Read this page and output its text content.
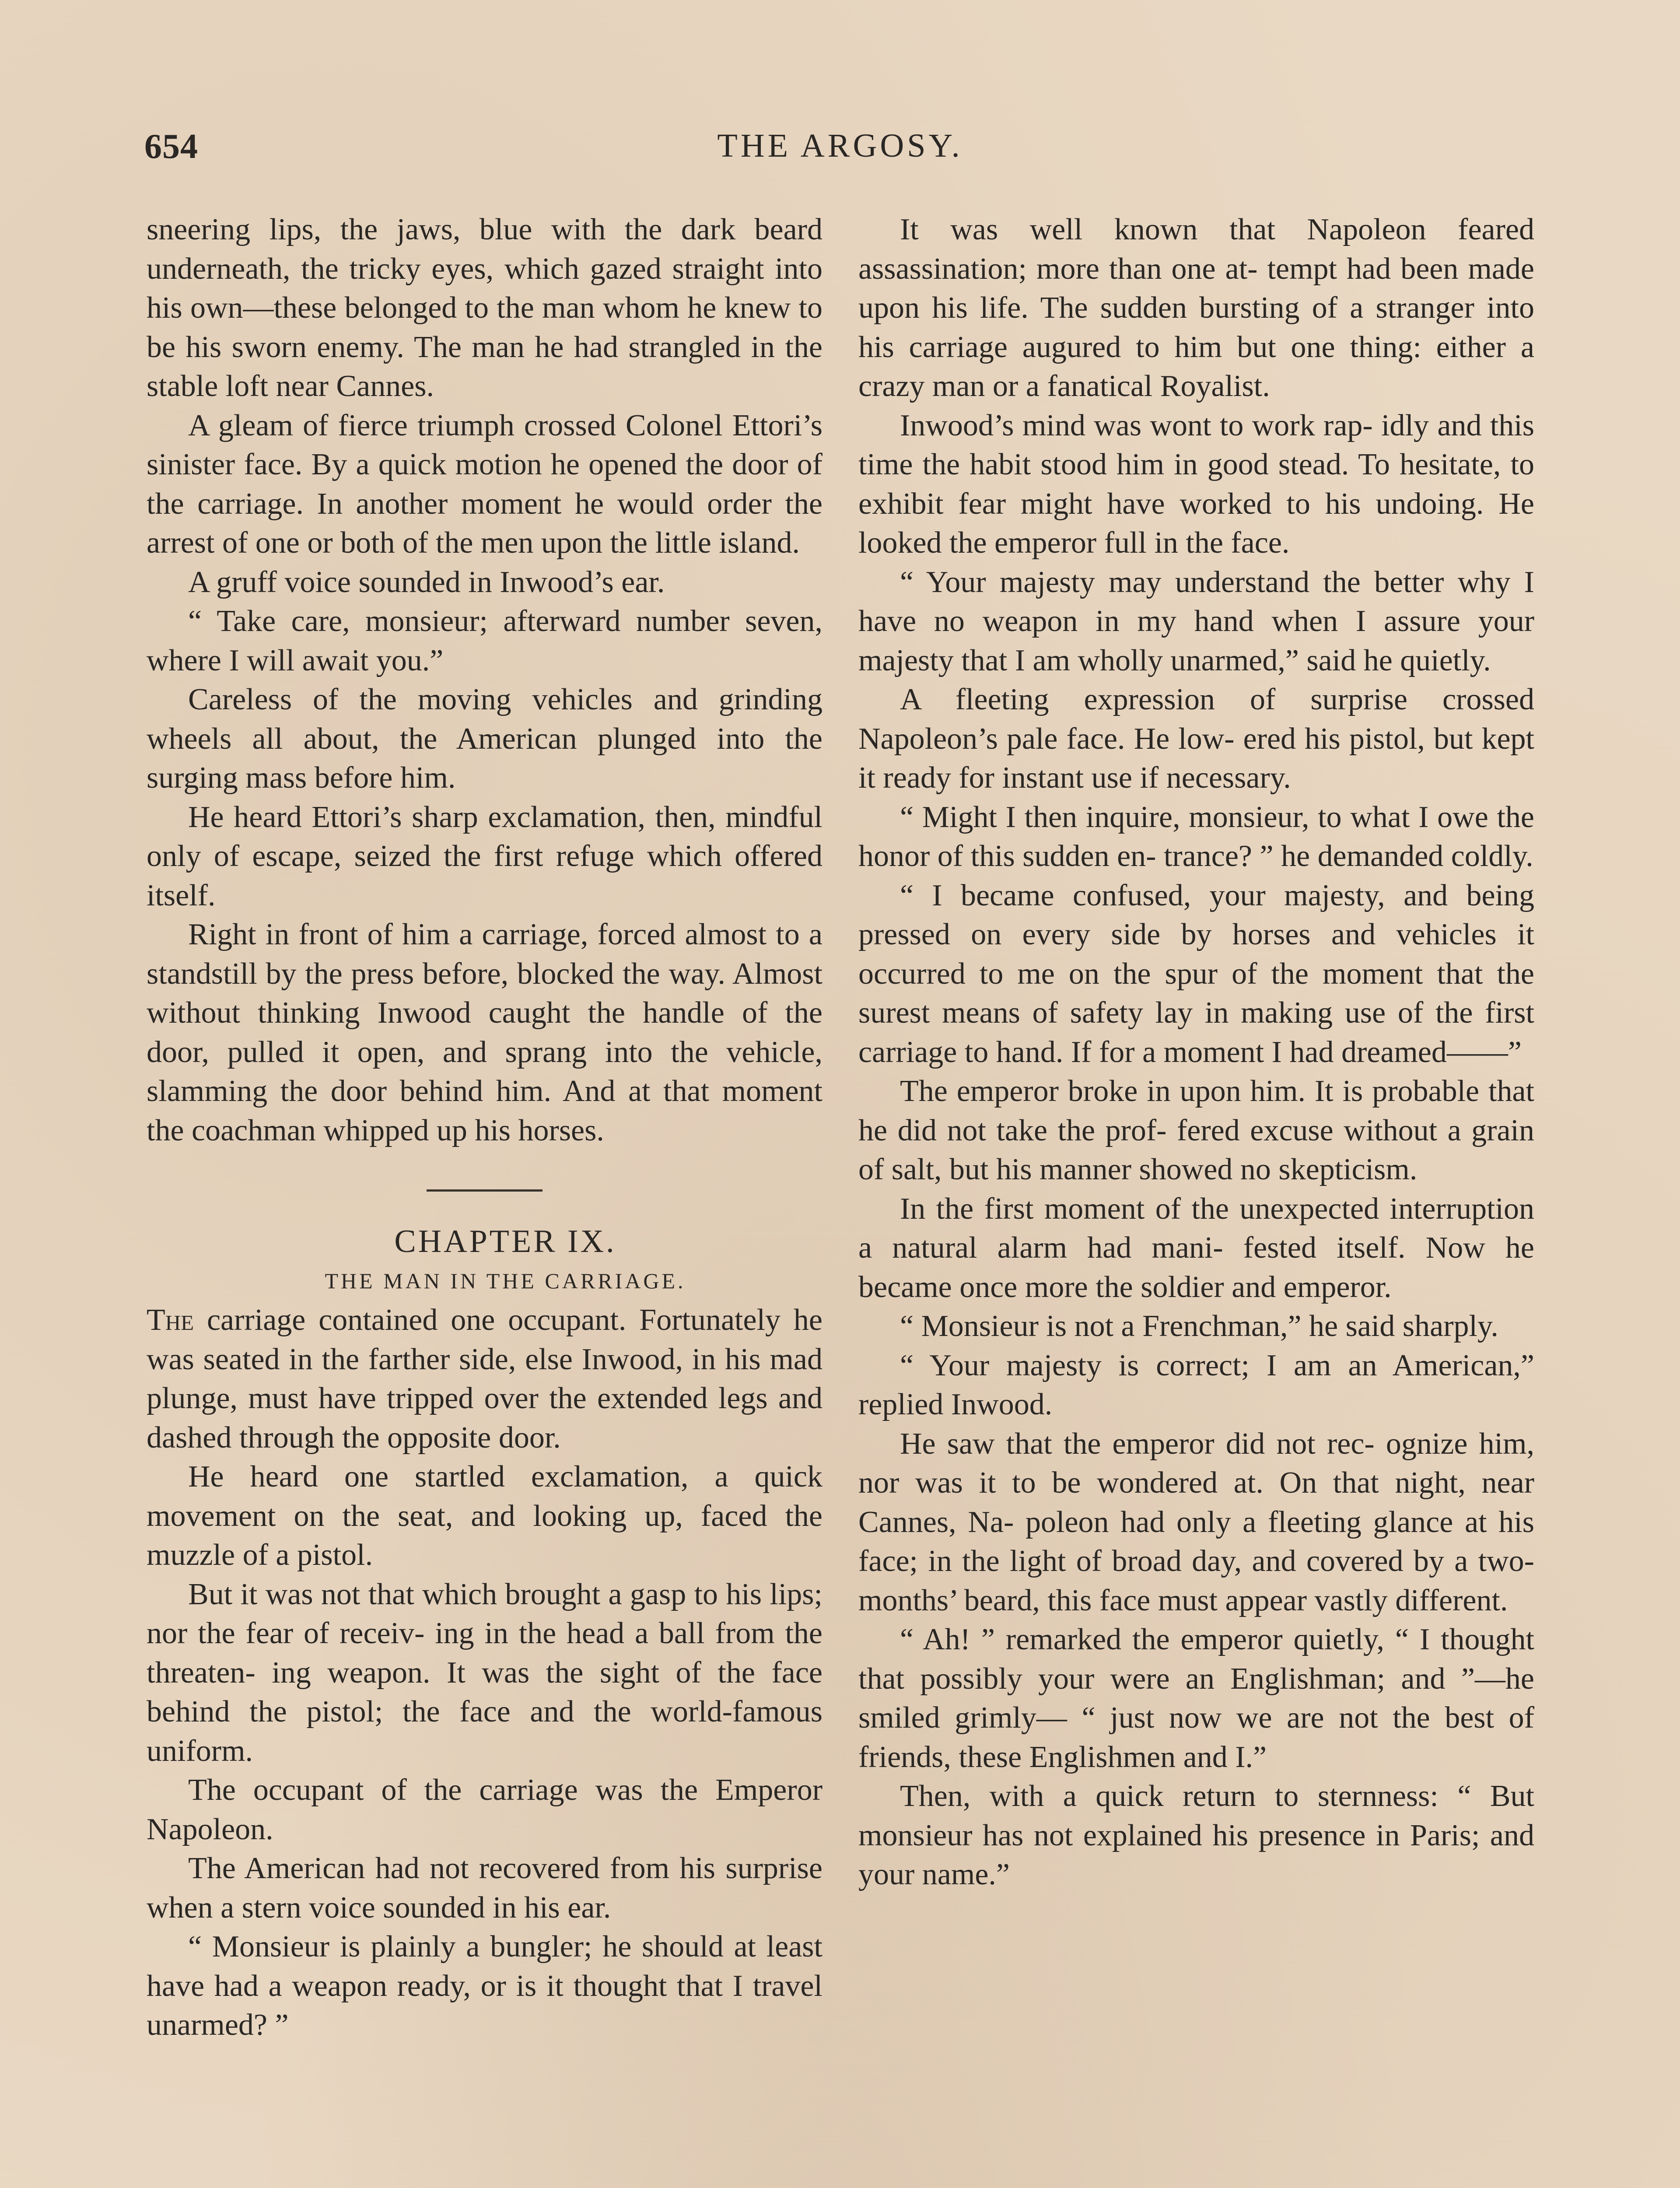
654	THE ARGOSY.

sneering lips, the jaws, blue with the dark beard underneath, the tricky eyes, which gazed straight into his own—these belonged to the man whom he knew to be his sworn enemy. The man he had strangled in the stable loft near Cannes.

A gleam of fierce triumph crossed Colonel Ettori’s sinister face. By a quick motion he opened the door of the carriage. In another moment he would order the arrest of one or both of the men upon the little island.

A gruff voice sounded in Inwood’s ear.

“ Take care, monsieur; afterward number seven, where I will await you.”

Careless of the moving vehicles and grinding wheels all about, the American plunged into the surging mass before him.

He heard Ettori’s sharp exclamation, then, mindful only of escape, seized the first refuge which offered itself.

Right in front of him a carriage, forced almost to a standstill by the press before, blocked the way. Almost without thinking Inwood caught the handle of the door, pulled it open, and sprang into the vehicle, slamming the door behind him. And at that moment the coachman whipped up his horses.

CHAPTER IX.

THE MAN IN THE CARRIAGE.

The carriage contained one occupant. Fortunately he was seated in the farther side, else Inwood, in his mad plunge, must have tripped over the extended legs and dashed through the opposite door.

He heard one startled exclamation, a quick movement on the seat, and looking up, faced the muzzle of a pistol.

But it was not that which brought a gasp to his lips; nor the fear of receiv- ing in the head a ball from the threaten- ing weapon. It was the sight of the face behind the pistol; the face and the world-famous uniform.

The occupant of the carriage was the Emperor Napoleon.

The American had not recovered from his surprise when a stern voice sounded in his ear.

“ Monsieur is plainly a bungler; he should at least have had a weapon ready, or is it thought that I travel unarmed? ”

It was well known that Napoleon feared assassination; more than one at- tempt had been made upon his life. The sudden bursting of a stranger into his carriage augured to him but one thing: either a crazy man or a fanatical Royalist.

Inwood’s mind was wont to work rap- idly and this time the habit stood him in good stead. To hesitate, to exhibit fear might have worked to his undoing. He looked the emperor full in the face.

“ Your majesty may understand the better why I have no weapon in my hand when I assure your majesty that I am wholly unarmed,” said he quietly.

A fleeting expression of surprise crossed Napoleon’s pale face. He low- ered his pistol, but kept it ready for instant use if necessary.

“ Might I then inquire, monsieur, to what I owe the honor of this sudden en- trance? ” he demanded coldly.

“ I became confused, your majesty, and being pressed on every side by horses and vehicles it occurred to me on the spur of the moment that the surest means of safety lay in making use of the first carriage to hand. If for a moment I had dreamed——”

The emperor broke in upon him. It is probable that he did not take the prof- fered excuse without a grain of salt, but his manner showed no skepticism.

In the first moment of the unexpected interruption a natural alarm had mani- fested itself. Now he became once more the soldier and emperor.

“ Monsieur is not a Frenchman,” he said sharply.

“ Your majesty is correct; I am an American,” replied Inwood.

He saw that the emperor did not rec- ognize him, nor was it to be wondered at. On that night, near Cannes, Na- poleon had only a fleeting glance at his face; in the light of broad day, and covered by a two-months’ beard, this face must appear vastly different.

“ Ah! ” remarked the emperor quietly, “ I thought that possibly your were an Englishman; and ”—he smiled grimly— “ just now we are not the best of friends, these Englishmen and I.”

Then, with a quick return to sternness: “ But monsieur has not explained his presence in Paris; and your name.”
